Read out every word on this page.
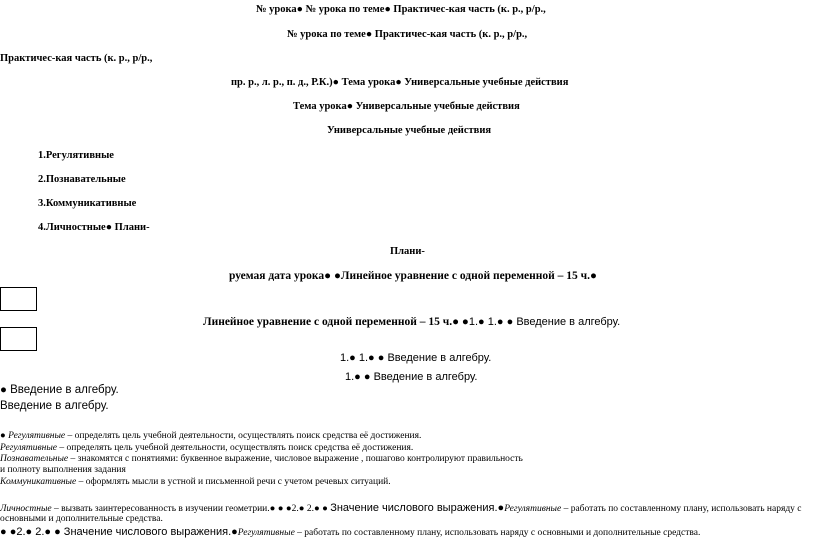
№ урока● № урока по теме● Практичес-кая часть (к. р., р/р.,
№ урока по теме● Практичес-кая часть (к. р., р/р.,
Практичес-кая часть (к. р., р/р.,
пр. р., л. р., п. д., Р.К.)● Тема урока● Универсальные учебные действия
Тема урока● Универсальные учебные действия
Универсальные учебные действия
1.Регулятивные
2.Познавательные
3.Коммуникативные
4.Личностные● Плани-
Плани-
руемая дата урока● ●Линейное уравнение с одной переменной – 15 ч.●
Линейное уравнение с одной переменной – 15 ч.● ●1.● 1.● ● Введение в алгебру.
1.● 1.● ● Введение в алгебру.
1.● ● Введение в алгебру.
● Введение в алгебру.
Введение в алгебру.
● Регулятивные – определять цель учебной деятельности, осуществлять поиск средства её достижения.
Регулятивные – определять цель учебной деятельности, осуществлять поиск средства её достижения.
Познавательные – знакомятся с понятиями: буквенное выражение, числовое выражение , пошагово контролируют правильность
и полноту выполнения задания
Коммуникативные – оформлять мысли в устной и письменной речи с учетом речевых ситуаций.
Личностные – вызвать заинтересованность в изучении геометрии.● ● ●2.● 2.● ● Значение числового выражения.●Регулятивные – работать по составленному плану, использовать наряду с
основными и дополнительные средства.
● ●2.● 2.● ● Значение числового выражения.●Регулятивные – работать по составленному плану, использовать наряду с основными и дополнительные средства.
